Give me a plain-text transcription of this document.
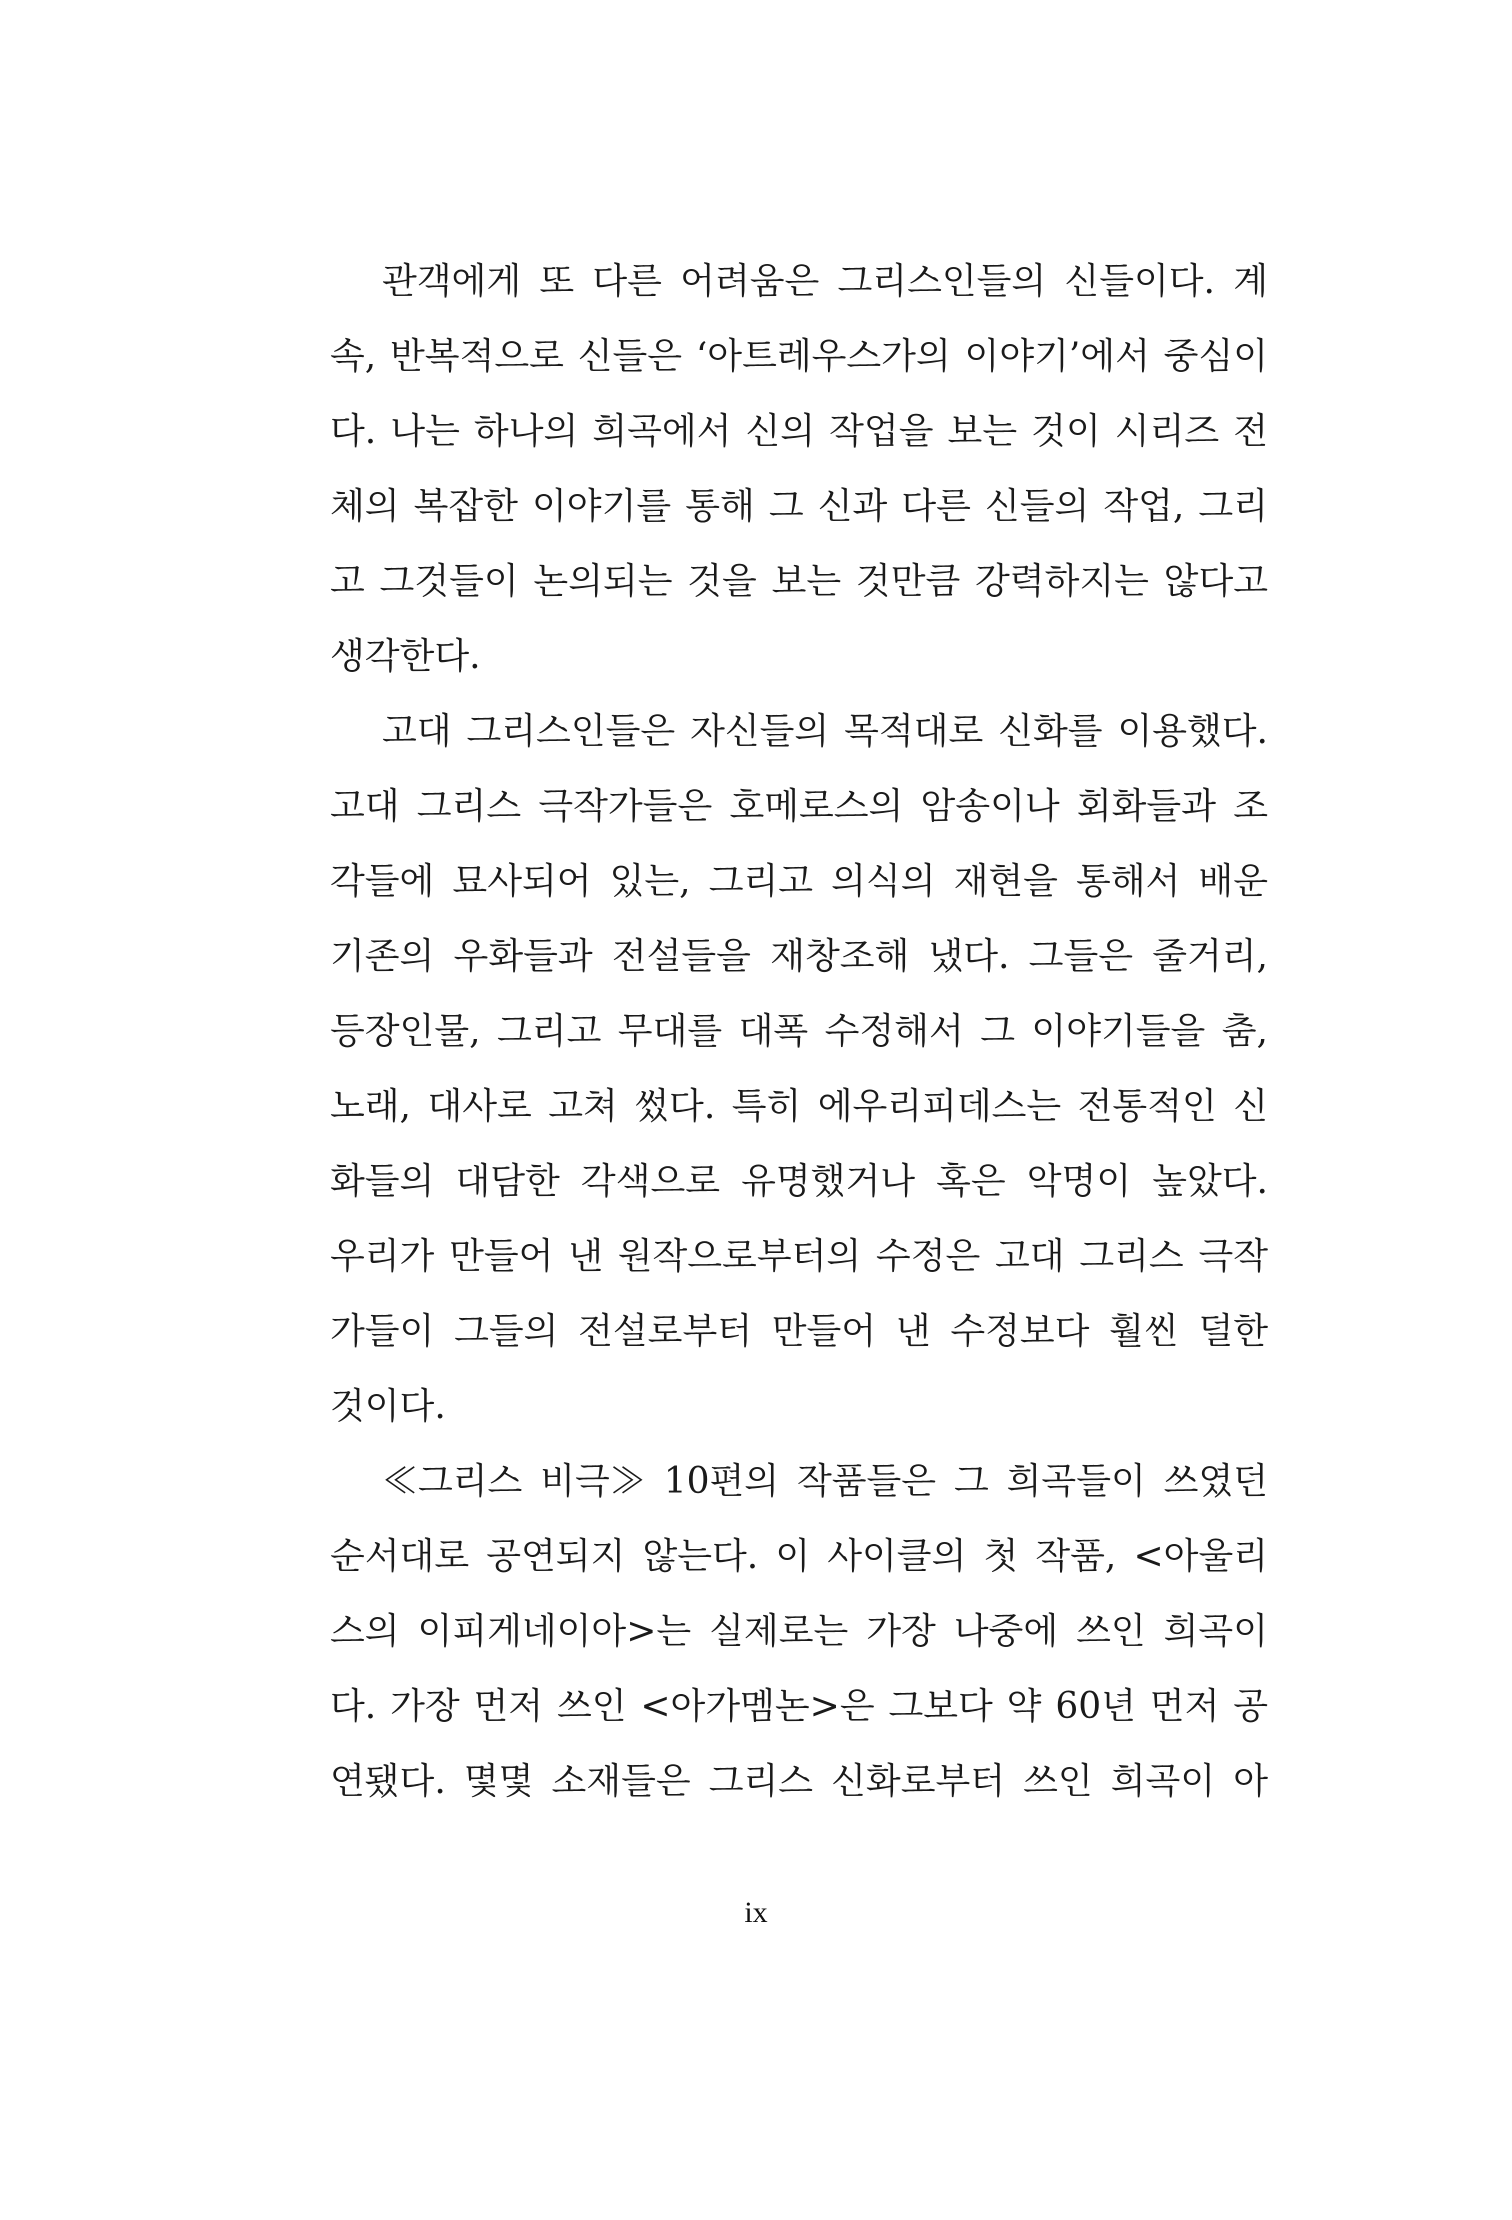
관객에게 또 다른 어려움은 그리스인들의 신들이다. 계
속, 반복적으로 신들은 ‘아트레우스가의 이야기’에서 중심이
다. 나는 하나의 희곡에서 신의 작업을 보는 것이 시리즈 전
체의 복잡한 이야기를 통해 그 신과 다른 신들의 작업, 그리
고 그것들이 논의되는 것을 보는 것만큼 강력하지는 않다고
생각한다.
고대 그리스인들은 자신들의 목적대로 신화를 이용했다.
고대 그리스 극작가들은 호메로스의 암송이나 회화들과 조
각들에 묘사되어 있는, 그리고 의식의 재현을 통해서 배운
기존의 우화들과 전설들을 재창조해 냈다. 그들은 줄거리,
등장인물, 그리고 무대를 대폭 수정해서 그 이야기들을 춤,
노래, 대사로 고쳐 썼다. 특히 에우리피데스는 전통적인 신
화들의 대담한 각색으로 유명했거나 혹은 악명이 높았다.
우리가 만들어 낸 원작으로부터의 수정은 고대 그리스 극작
가들이 그들의 전설로부터 만들어 낸 수정보다 훨씬 덜한
것이다.
≪그리스 비극≫ 10편의 작품들은 그 희곡들이 쓰였던
순서대로 공연되지 않는다. 이 사이클의 첫 작품, <아울리
스의 이피게네이아>는 실제로는 가장 나중에 쓰인 희곡이
다. 가장 먼저 쓰인 <아가멤논>은 그보다 약 60년 먼저 공
연됐다. 몇몇 소재들은 그리스 신화로부터 쓰인 희곡이 아
ix
